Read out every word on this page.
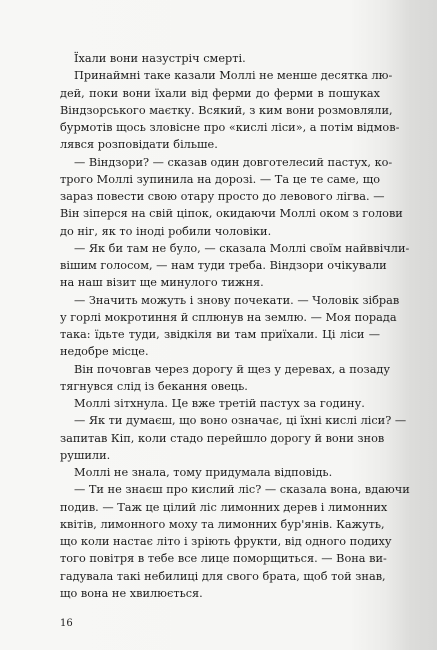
Їхали вони назустріч смерті.
Принаймні таке казали Моллі не менше десятка лю-
дей, поки вони їхали від ферми до ферми в пошуках
Віндзорського маєтку. Всякий, з ким вони розмовляли,
бурмотів щось зловісне про «кислі ліси», а потім відмов-
лявся розповідати більше.
— Віндзори? — сказав один довготелесий пастух, ко-
трого Моллі зупинила на дорозі. — Та це те саме, що
зараз повести свою отару просто до левового лігва. —
Він зіперся на свій ціпок, окидаючи Моллі оком з голови
до ніг, як то іноді робили чоловіки.
— Як би там не було, — сказала Моллі своїм найввічли-
вішим голосом, — нам туди треба. Віндзори очікували
на наш візит ще минулого тижня.
— Значить можуть і знову почекати. — Чоловік зібрав
у горлі мокротиння й сплюнув на землю. — Моя порада
така: їдьте туди, звідкіля ви там приїхали. Ці ліси —
недобре місце.
Він почовгав через дорогу й щез у деревах, а позаду
тягнувся слід із бекання овець.
Моллі зітхнула. Це вже третій пастух за годину.
— Як ти думаєш, що воно означає, ці їхні кислі ліси? —
запитав Кіп, коли стадо перейшло дорогу й вони знов
рушили.
Моллі не знала, тому придумала відповідь.
— Ти не знаєш про кислий ліс? — сказала вона, вдаючи
подив. — Таж це цілий ліс лимонних дерев і лимонних
квітів, лимонного моху та лимонних бур'янів. Кажуть,
що коли настає літо і зріють фрукти, від одного подиху
того повітря в тебе все лице поморщиться. — Вона ви-
гадувала такі небилиці для свого брата, щоб той знав,
що вона не хвилюється.
16
